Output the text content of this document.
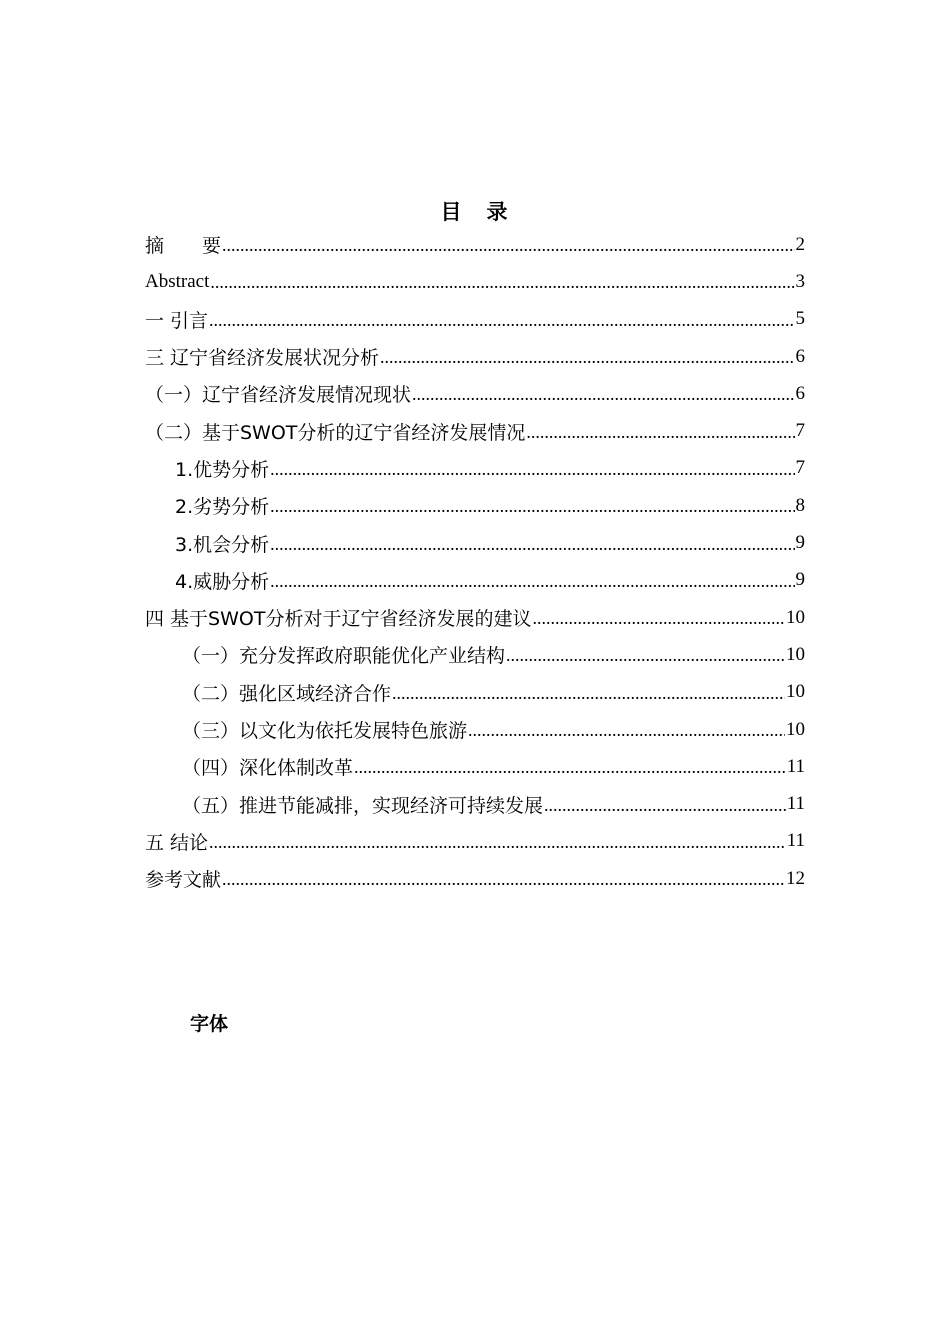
目　录
摘　　要 .....	2
Abstract .....	3
一 引言 .....	5
三 辽宁省经济发展状况分析 .....	6
（一）辽宁省经济发展情况现状 .....	6
（二）基于SWOT分析的辽宁省经济发展情况 .....	7
1.优势分析 .....	7
2.劣势分析 .....	8
3.机会分析 .....	9
4.威胁分析 .....	9
四 基于SWOT分析对于辽宁省经济发展的建议 .....	10
（一）充分发挥政府职能优化产业结构 .....	10
（二）强化区域经济合作 .....	10
（三）以文化为依托发展特色旅游 .....	10
（四）深化体制改革 .....	11
（五）推进节能减排，实现经济可持续发展 .....	11
五 结论 .....	11
参考文献 .....	12
字体
